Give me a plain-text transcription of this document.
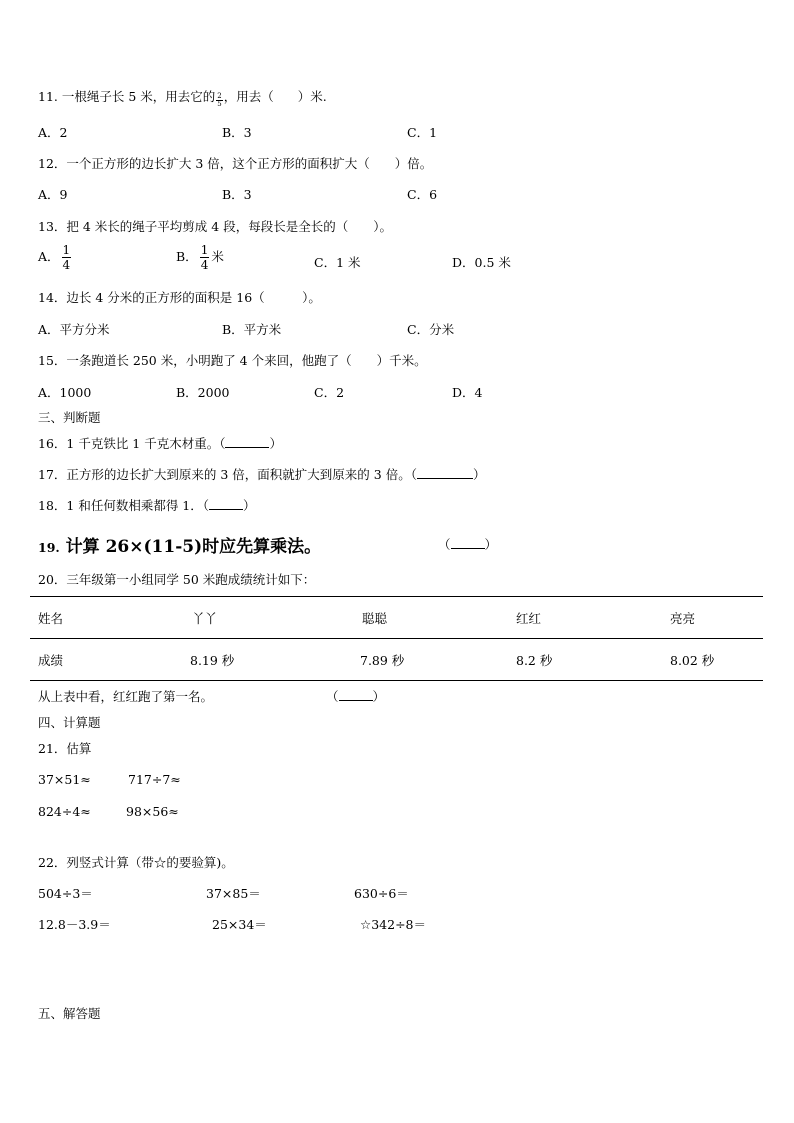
11. 一根绳子长 5 米，用去它的 $\frac{2}{5}$ ，用去（ ）米.
A．2	B．3	C．1
12．一个正方形的边长扩大 3 倍，这个正方形的面积扩大（　　）倍。
A．9	B．3	C．6
13．把 4 米长的绳子平均剪成 4 段，每段长是全长的（　　）。
A． $\frac{1}{4}$	B． $\frac{1}{4}$ 米	C．1 米	D．0.5 米
14．边长 4 分米的正方形的面积是 16（　　　）。
A．平方分米	B．平方米	C．分米
15．一条跑道长 250 米，小明跑了 4 个来回，他跑了（　　）千米。
A．1000	B．2000	C．2	D．4
三、判断题
16．1 千克铁比 1 千克木材重。（	）
17．正方形的边长扩大到原来的 3 倍，面积就扩大到原来的 3 倍。（	）
18．1 和任何数相乘都得 1．（	）
19. 计算 26×(11-5)时应先算乘法。	（	）
20．三年级第一小组同学 50 米跑成绩统计如下：
姓名	丫丫	聪聪	红红	亮亮
成绩	8.19 秒	7.89 秒	8.2 秒	8.02 秒
从上表中看，红红跑了第一名。	（	）
四、计算题
21．估算
37×51≈	717÷7≈
824÷4≈	98×56≈
22．列竖式计算（带☆的要验算)。
504÷3＝	37×85＝	630÷6＝
12.8－3.9＝	25×34＝	☆342÷8＝
五、解答题
